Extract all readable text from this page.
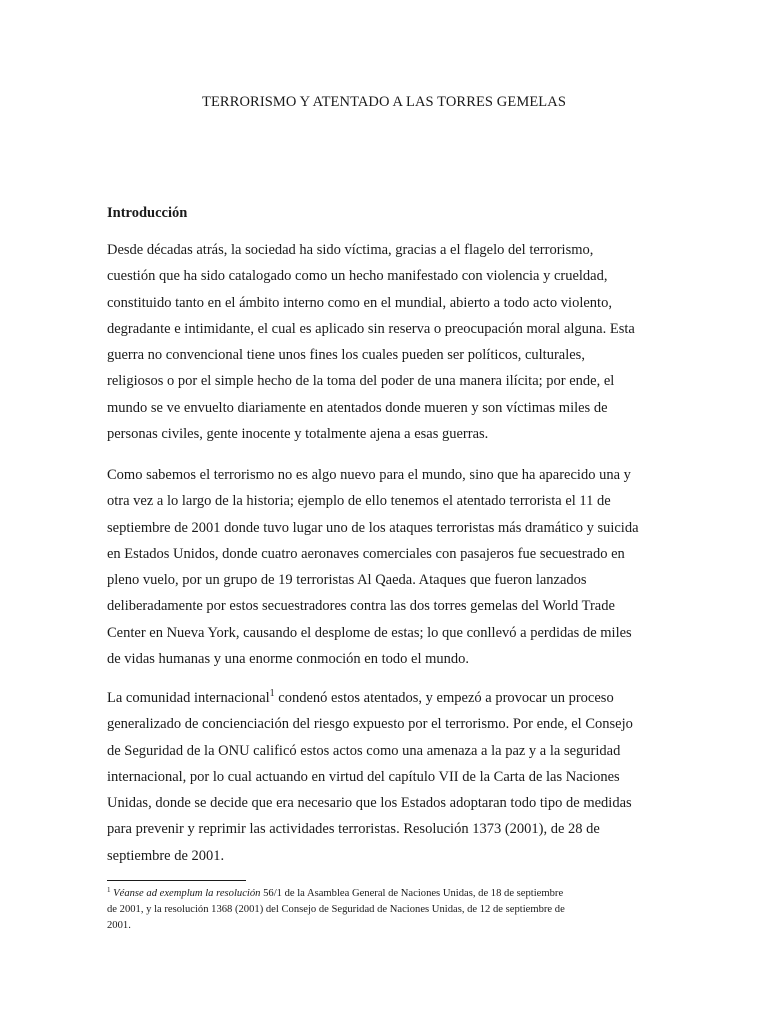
TERRORISMO Y ATENTADO A LAS TORRES GEMELAS
Introducción
Desde décadas atrás, la sociedad ha sido víctima, gracias a el flagelo del terrorismo,
cuestión que ha sido catalogado como un hecho manifestado con violencia y crueldad,
constituido tanto en el ámbito interno como en el mundial, abierto a todo acto violento,
degradante e intimidante, el cual es aplicado sin reserva o preocupación moral alguna. Esta
guerra no convencional tiene unos fines los cuales pueden ser políticos, culturales,
religiosos o por el simple hecho de la toma del poder de una manera ilícita; por ende, el
mundo se ve envuelto diariamente en atentados donde mueren y son víctimas miles de
personas civiles, gente inocente y totalmente ajena a esas guerras.
Como sabemos el terrorismo no es algo nuevo para el mundo, sino que ha aparecido una y
otra vez a lo largo de la historia; ejemplo de ello tenemos el atentado terrorista el 11 de
septiembre de 2001 donde tuvo lugar uno de los ataques terroristas más dramático y suicida
en Estados Unidos, donde cuatro aeronaves comerciales con pasajeros fue secuestrado en
pleno vuelo, por un grupo de 19 terroristas Al Qaeda. Ataques que fueron lanzados
deliberadamente por estos secuestradores contra las dos torres gemelas del World Trade
Center en Nueva York, causando el desplome de estas; lo que conllevó a perdidas de miles
de vidas humanas y una enorme conmoción en todo el mundo.
La comunidad internacional$^1$ condenó estos atentados, y empezó a provocar un proceso
generalizado de concienciación del riesgo expuesto por el terrorismo. Por ende, el Consejo
de Seguridad de la ONU calificó estos actos como una amenaza a la paz y a la seguridad
internacional, por lo cual actuando en virtud del capítulo VII de la Carta de las Naciones
Unidas, donde se decide que era necesario que los Estados adoptaran todo tipo de medidas
para prevenir y reprimir las actividades terroristas. Resolución 1373 (2001), de 28 de
septiembre de 2001.
$^1$ Véanse ad exemplum la resolución 56/1 de la Asamblea General de Naciones Unidas, de 18 de septiembre
de 2001, y la resolución 1368 (2001) del Consejo de Seguridad de Naciones Unidas, de 12 de septiembre de
2001.
